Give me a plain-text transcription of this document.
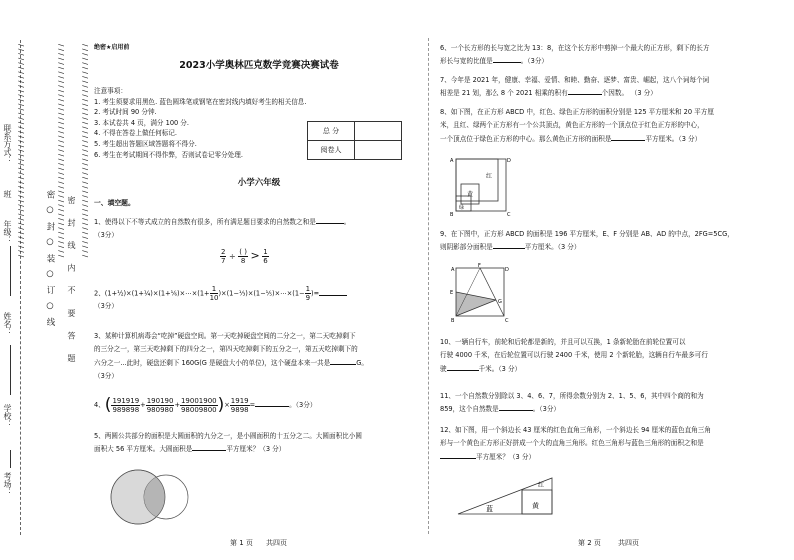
/ / / / / / / / / / / / / / / / / / / / / / / / / / / / / / / / / / / / / / / / / / / / / / /
考场：
学校：
姓名：
年级：
班
联系方式：
密 ○ 封 ○ 装 ○ 订 ○ 线
/ / / / / / / / / / / / / / / / / / / / / / / / / / / / / / / / / / / / / / / / / / / / / / /
密 封 线 内 不 要 答 题
/ / / / / / / / / / / / / / / / / / / / / / / / / / / / / / / / / / / / / / / / / / / / / / / 绝密★启用前
2023小学奥林匹克数学竞赛决赛试卷
注意事项：
1. 考生须要求用黑色. 蓝色圆珠笔或钢笔在密封线内填好考生的相关信息.
2. 考试时间 90 分钟.
3. 本试卷共 4 页，满分 100 分.
4. 不得在答卷上做任何标记.
5. 考生超出答题区域答题将不得分.
6. 考生在考试期间不得作弊，否则试卷记零分处理.
总 分	
阅卷人	
小学六年级
一、填空题。
1、使得以下不等式成立的自然数有很多，所有满足题目要求的自然数之和是	。
（3分）
$\frac{2}{7} \div \frac{( )}{8} > \frac{1}{6}$
2、(1+½)×(1+¼)×(1+⅙)×⋯×(1+ $\frac{1}{10}$ )×(1−⅓)×(1−⅕)×⋯×(1− $\frac{1}{9}$ )=
（3分）
3、某种计算机病毒会“吃掉”硬盘空间。第一天吃掉硬盘空间的二分之一，第二天吃掉剩下
的三分之一，第三天吃掉剩下的四分之一，第四天吃掉剩下的五分之一，第五天吃掉剩下的
六分之一...此时，硬盘还剩下 160G(G 是硬盘大小的单位)，这个硬盘本来一共是	G。
（3分）
4、( $\frac{191919}{989898} + \frac{190190}{980980} + \frac{19001900}{98009800}$ )× $\frac{1919}{9898}$ =	。（3分）
5、两圆公共部分的面积是大圆面积的九分之一，是小圆面积的十五分之二。大圆面积比小圆
面积大 56 平方厘米。大圆面积是	平方厘米？（3 分）
第 1 页 共四页
6、一个长方形的长与宽之比为 13：8，在这个长方形中剪掉一个最大的正方形，剩下的长方
形长与宽的比值是	。（3分）
7、今年是 2021 年，健康、幸福、爱情、和睦、勤奋、逐梦、富贵、崛起，这八个词每个词
相差是 21 划，那么 8 个 2021 相乘的积有	个因数。 （3 分）
8、如下图，在正方形 ABCD 中，红色、绿色正方形的面积分别是 125 平方厘米和 20 平方厘
米，且红、绿两个正方形有一个公共顶点，黄色正方形的一个顶点位于红色正方形的中心，
一个顶点位于绿色正方形的中心。那么黄色正方形的面积是	平方厘米。（3 分）
A	D
B	C
红
黄
绿
9、在下图中，正方形 ABCD 的面积是 196 平方厘米，E、F 分别是 AB、AD 的中点，2FG=5CG，
则阴影部分面积是	平方厘米。（3 分）
A
F
D
E
G
B	C
10、一辆自行车，前轮和后轮都是新的，并且可以互换，1 条新轮胎在前轮位置可以
行驶 4000 千米，在后轮位置可以行驶 2400 千米，使用 2 个新轮胎，这辆自行车最多可行
驶	千米。（3 分）
11、一个自然数分别除以 3、4、6、7，所得余数分别为 2、1、5、6，其中四个商的和为
859，这个自然数是	。（3分）
12、如下图，用一个斜边长 43 厘米的红色直角三角形，一个斜边长 94 厘米的蓝色直角三角
形与一个黄色正方形正好拼成一个大的直角三角形。红色三角形与蓝色三角形的面积之和是
平方厘米？（3 分）
红
蓝	黄
第 2 页 共四页
